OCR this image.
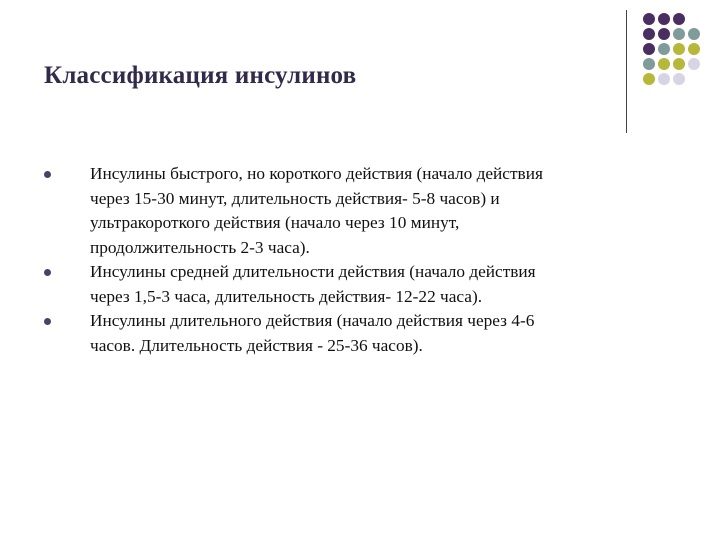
Классификация инсулинов
Инсулины быстрого, но короткого действия (начало действия
через 15-30 минут, длительность действия- 5-8 часов) и
ультракороткого действия (начало через 10 минут,
продолжительность 2-3 часа).
Инсулины средней длительности действия (начало действия
через 1,5-3 часа, длительность действия- 12-22 часа).
Инсулины длительного действия (начало действия через 4-6
часов. Длительность действия - 25-36 часов).
